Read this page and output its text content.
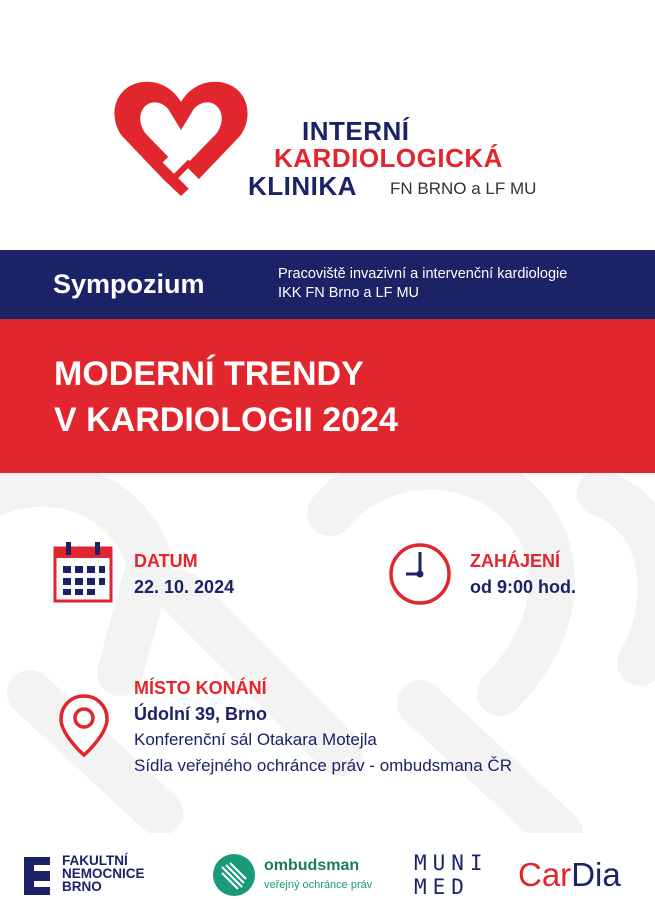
INTERNÍ
KARDIOLOGICKÁ
KLINIKA FN BRNO a LF MU
Sympozium	Pracoviště invazivní a intervenční kardiologie
IKK FN Brno a LF MU
MODERNÍ TRENDY
V KARDIOLOGII 2024
DATUM
22. 10. 2024
ZAHÁJENÍ
od 9:00 hod.
MÍSTO KONÁNÍ
Údolní 39, Brno
Konferenční sál Otakara Motejla
Sídla veřejného ochránce práv - ombudsmana ČR
FAKULTNÍ
NEMOCNICE
BRNO
ombudsman
veřejný ochránce práv
MUNI
MED	CarDia
